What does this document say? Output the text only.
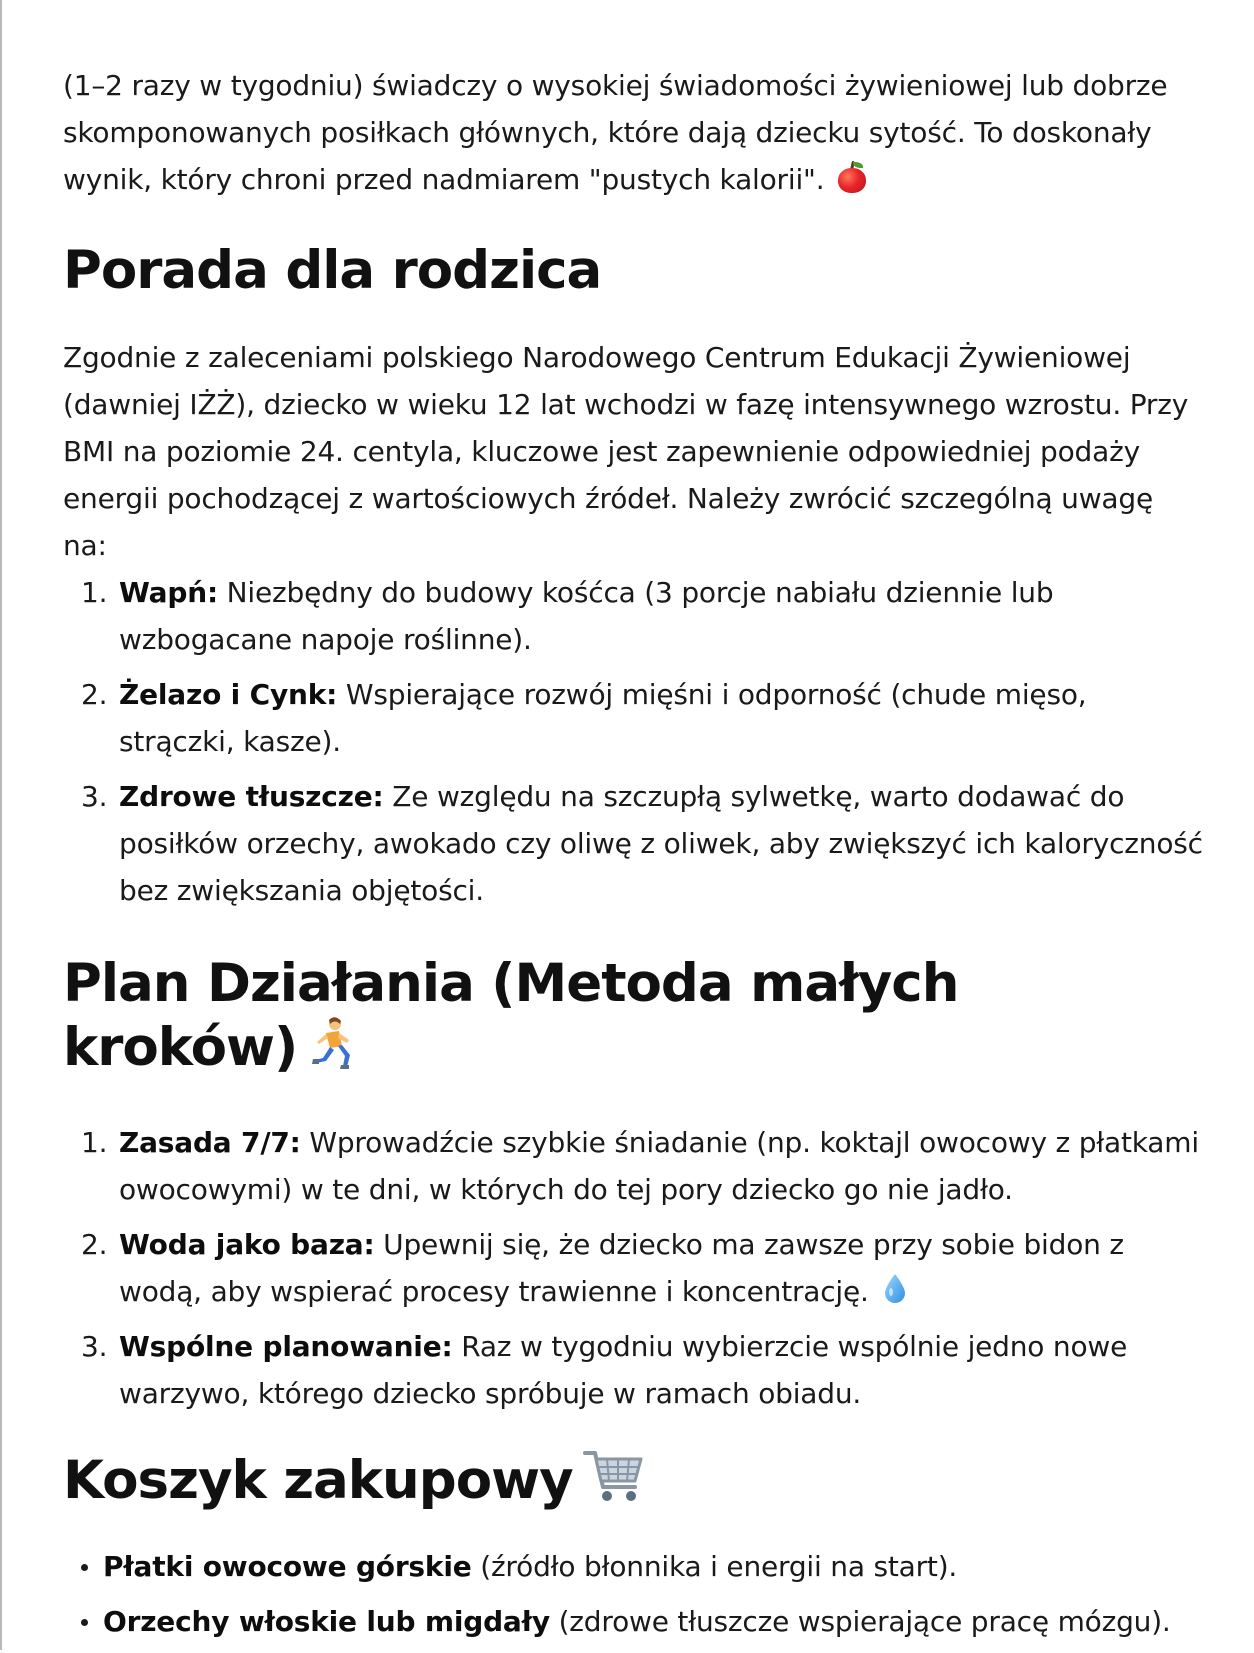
(1–2 razy w tygodniu) świadczy o wysokiej świadomości żywieniowej lub dobrze skomponowanych posiłkach głównych, które dają dziecku sytość. To doskonały wynik, który chroni przed nadmiarem "pustych kalorii".

Porada dla rodzica

Zgodnie z zaleceniami polskiego Narodowego Centrum Edukacji Żywieniowej (dawniej IŻŻ), dziecko w wieku 12 lat wchodzi w fazę intensywnego wzrostu. Przy BMI na poziomie 24. centyla, kluczowe jest zapewnienie odpowiedniej podaży energii pochodzącej z wartościowych źródeł. Należy zwrócić szczególną uwagę na:

1. Wapń: Niezbędny do budowy kośćca (3 porcje nabiału dziennie lub wzbogacane napoje roślinne).
2. Żelazo i Cynk: Wspierające rozwój mięśni i odporność (chude mięso, strączki, kasze).
3. Zdrowe tłuszcze: Ze względu na szczupłą sylwetkę, warto dodawać do posiłków orzechy, awokado czy oliwę z oliwek, aby zwiększyć ich kaloryczność bez zwiększania objętości.
Plan Działania (Metoda małych kroków)
1. Zasada 7/7: Wprowadźcie szybkie śniadanie (np. koktajl owocowy z płatkami owocowymi) w te dni, w których do tej pory dziecko go nie jadło.
2. Woda jako baza: Upewnij się, że dziecko ma zawsze przy sobie bidon z wodą, aby wspierać procesy trawienne i koncentrację.
3. Wspólne planowanie: Raz w tygodniu wybierzcie wspólnie jedno nowe warzywo, którego dziecko spróbuje w ramach obiadu.
Koszyk zakupowy
Płatki owocowe górskie (źródło błonnika i energii na start).
Orzechy włoskie lub migdały (zdrowe tłuszcze wspierające pracę mózgu).
